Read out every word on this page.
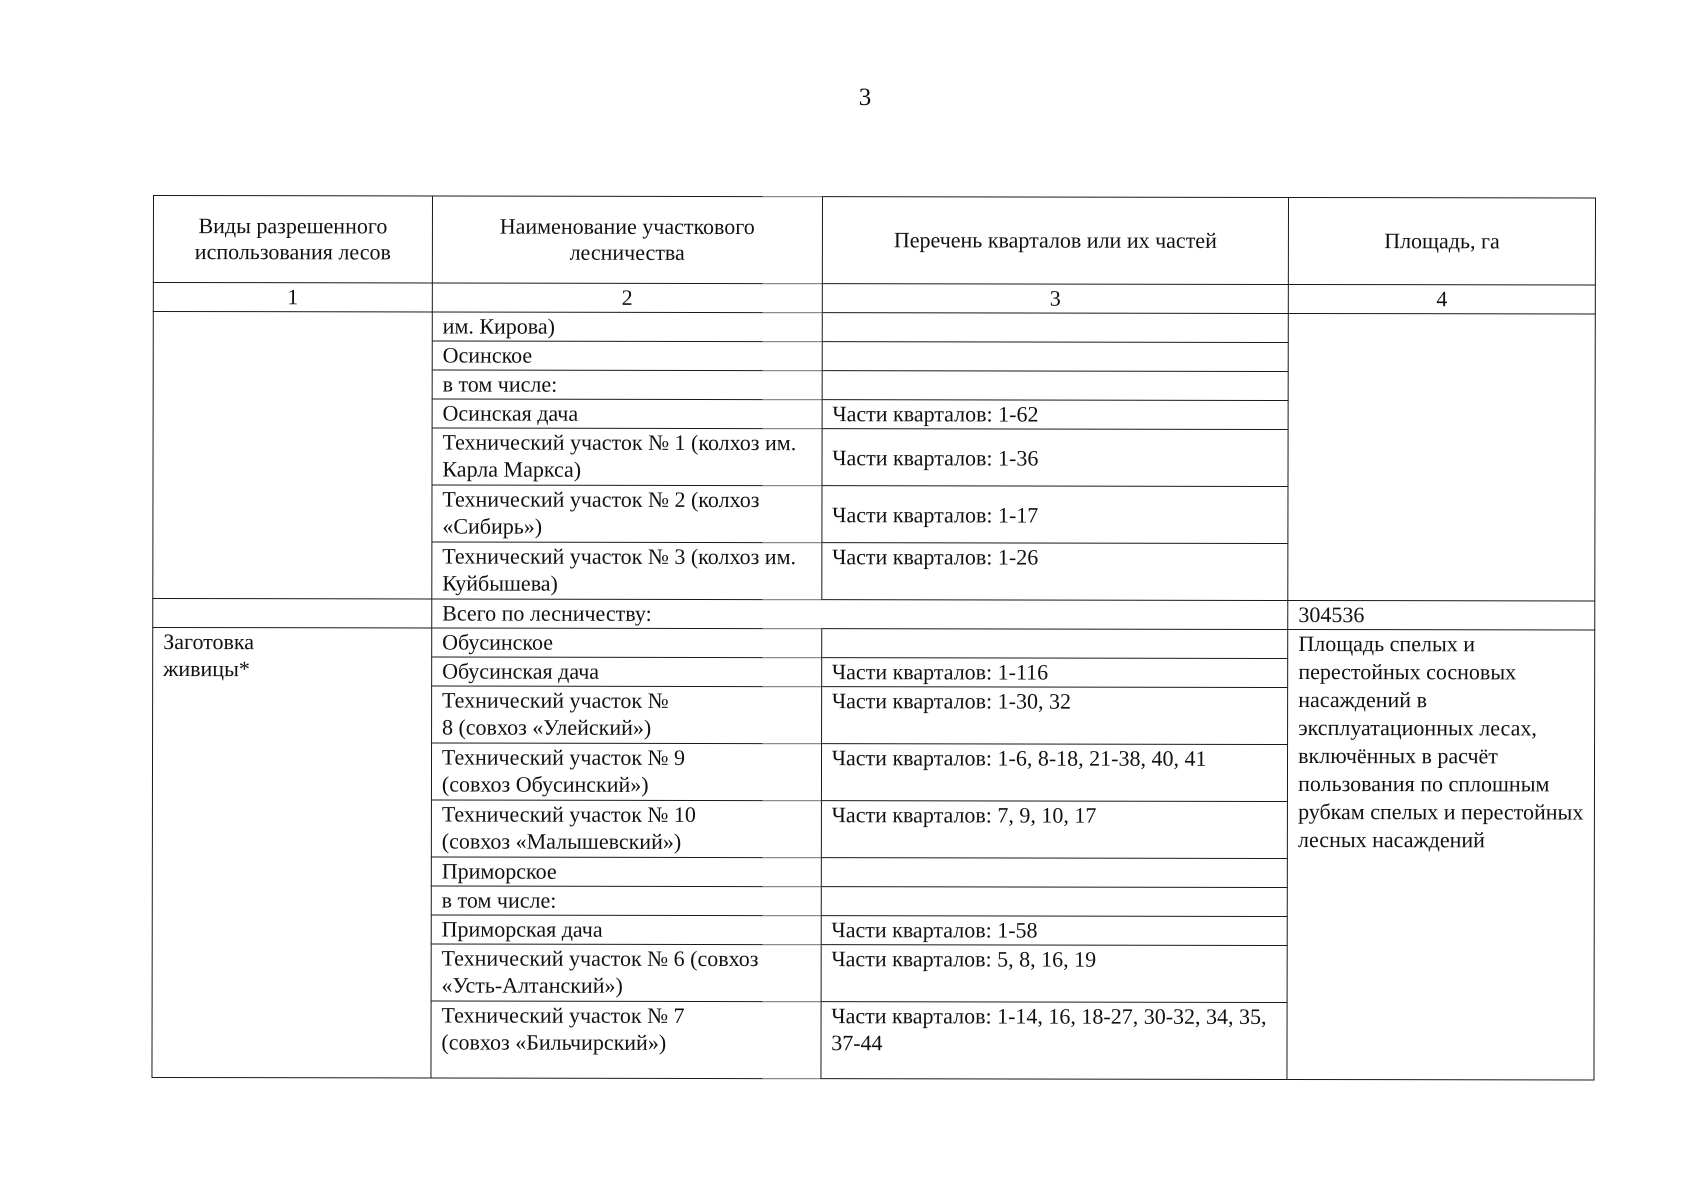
3
Виды разрешенного использования лесов	Наименование участкового лесничества	Перечень кварталов или их частей	Площадь, га
1	2	3	4
	им. Кирова)		
	Осинское		
	в том числе:		
	Осинская дача	Части кварталов: 1-62	
	Технический участок № 1 (колхоз им. Карла Маркса)	Части кварталов: 1-36	
	Технический участок № 2 (колхоз «Сибирь»)	Части кварталов: 1-17	
	Технический участок № 3 (колхоз им. Куйбышева)	Части кварталов: 1-26	
	Всего по лесничеству:		304536
Заготовка живицы*	Обусинское		Площадь спелых и перестойных сосновых насаждений в эксплуатационных лесах, включённых в расчёт пользования по сплошным рубкам спелых и перестойных лесных насаждений
	Обусинская дача	Части кварталов: 1-116	
	Технический участок № 8 (совхоз «Улейский»)	Части кварталов: 1-30, 32	
	Технический участок № 9 (совхоз Обусинский»)	Части кварталов: 1-6, 8-18, 21-38, 40, 41	
	Технический участок № 10 (совхоз «Малышевский»)	Части кварталов: 7, 9, 10, 17	
	Приморское		
	в том числе:		
	Приморская дача	Части кварталов: 1-58	
	Технический участок № 6 (совхоз «Усть-Алтанский»)	Части кварталов: 5, 8, 16, 19	
	Технический участок № 7 (совхоз «Бильчирский»)	Части кварталов: 1-14, 16, 18-27, 30-32, 34, 35, 37-44	
